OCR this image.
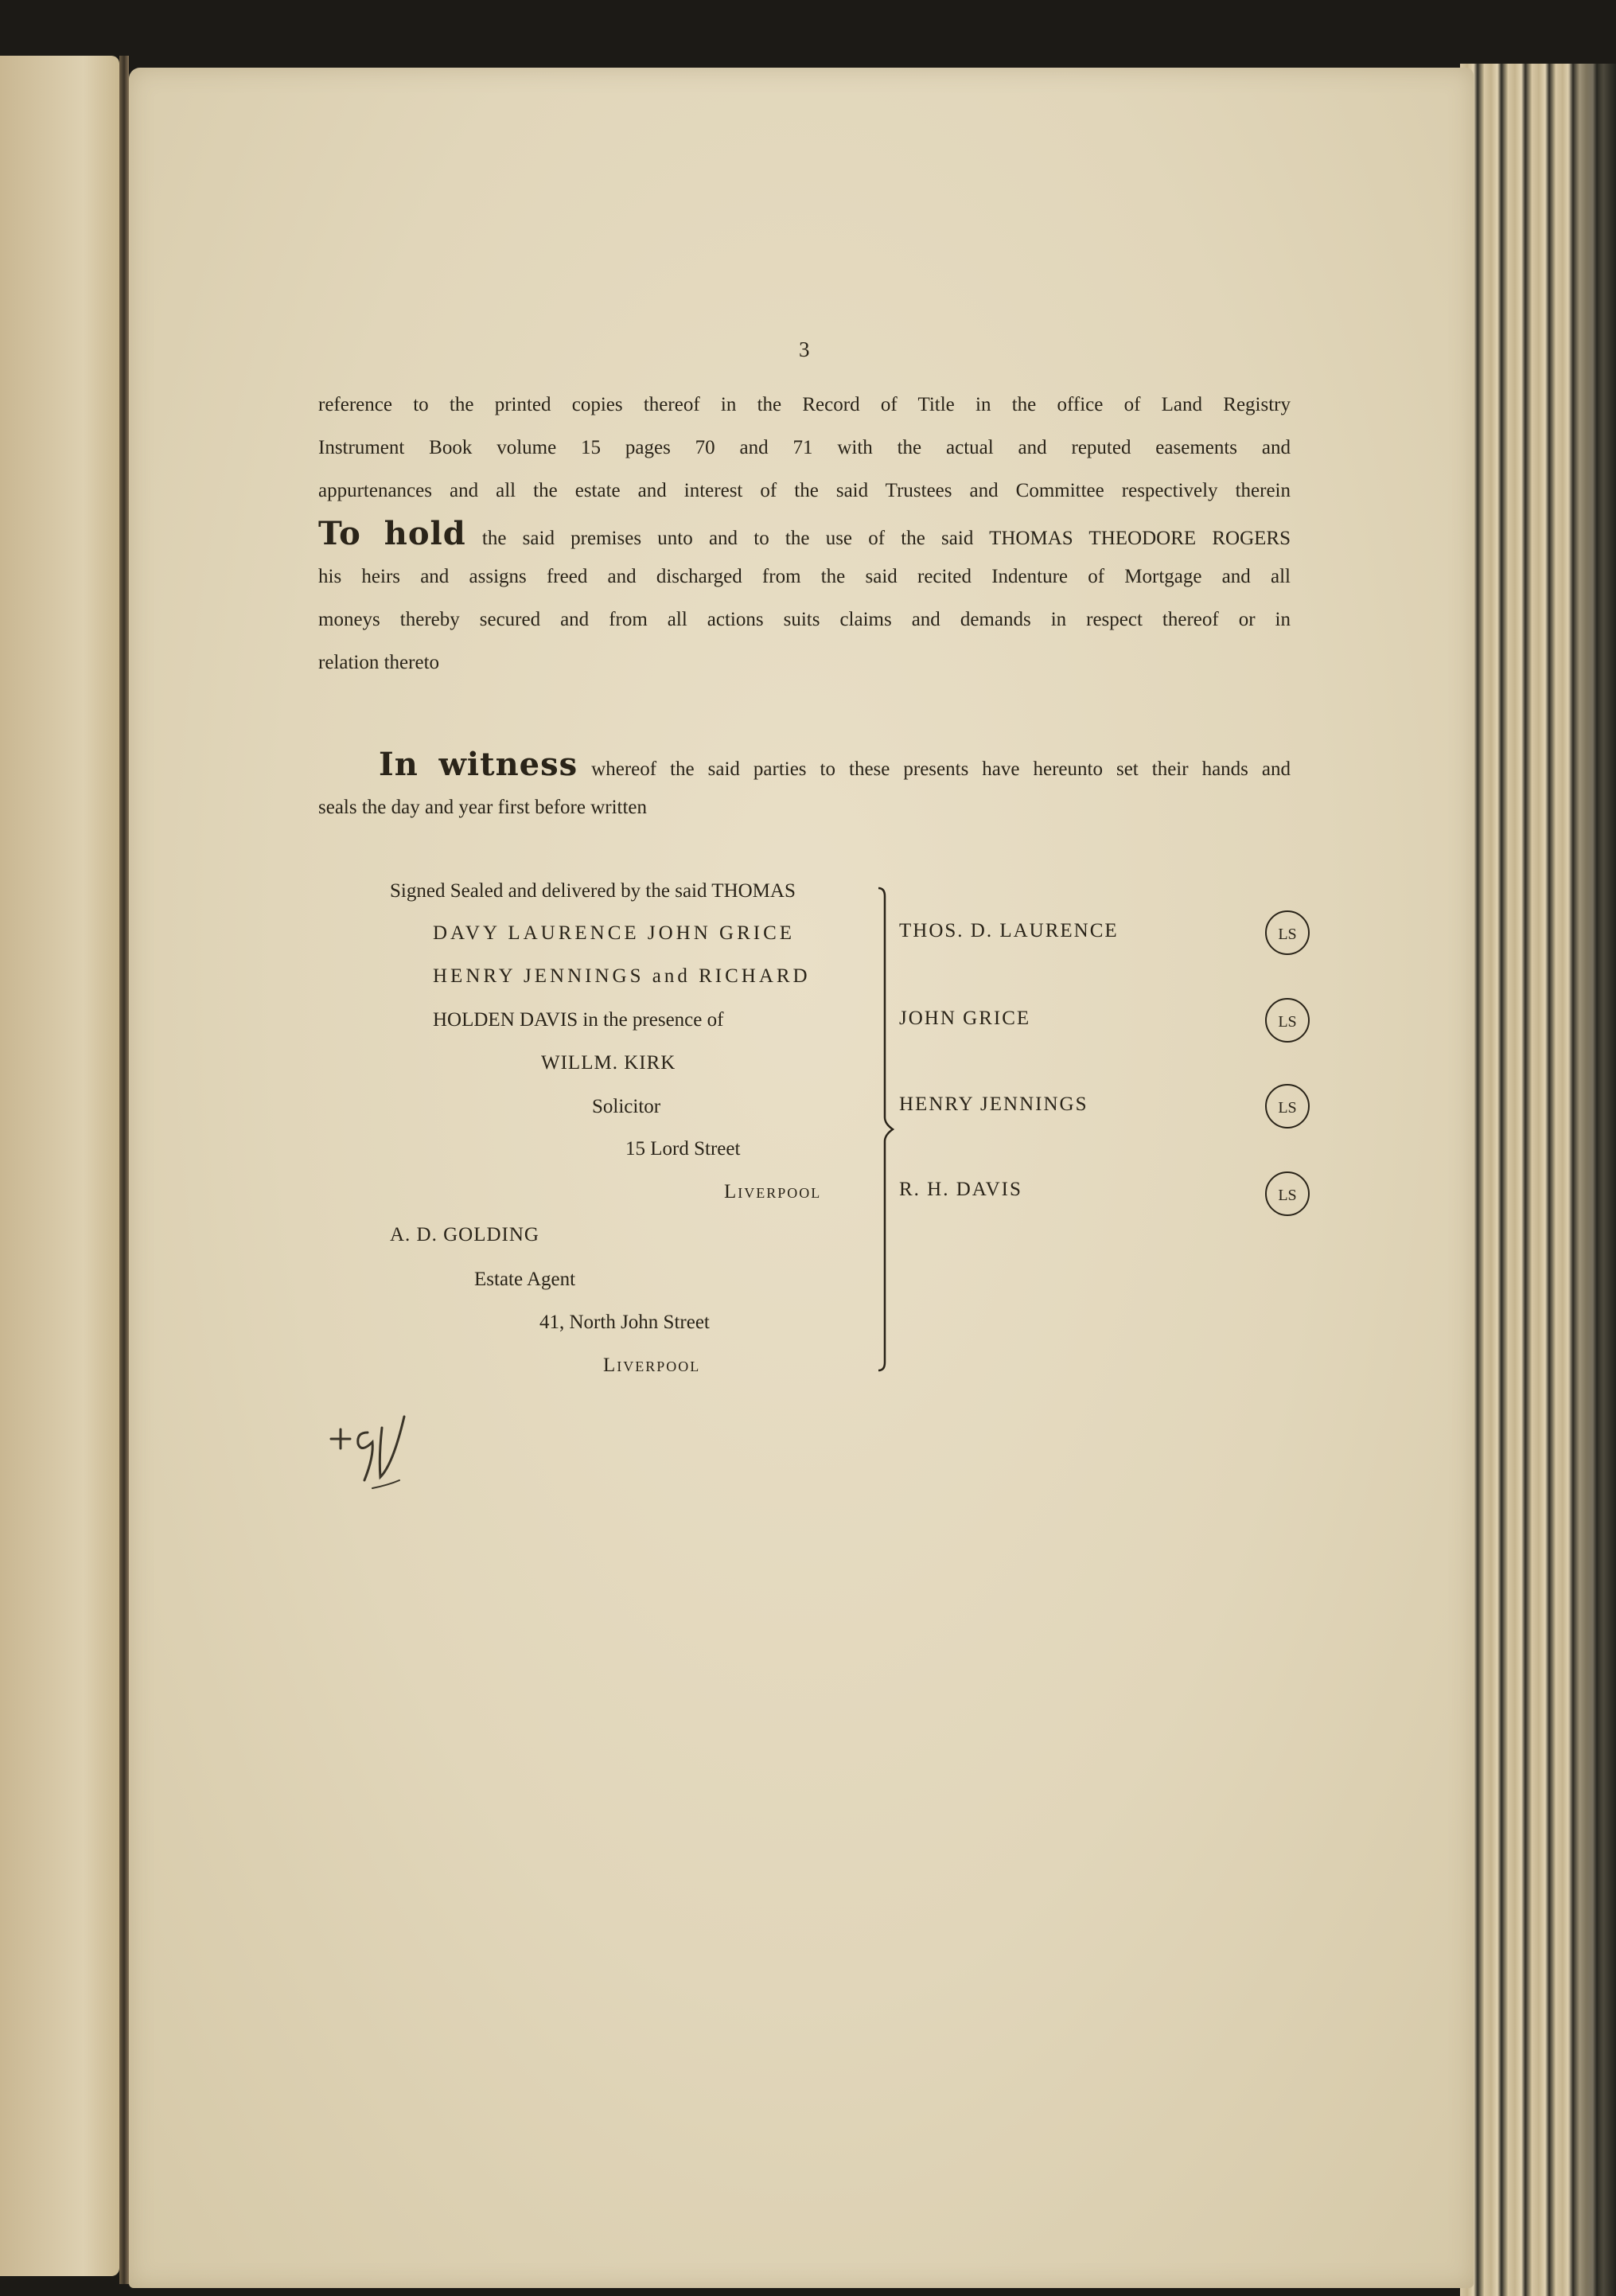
3
reference to the printed copies thereof in the Record of Title in the office of Land Registry
Instrument Book volume 15 pages 70 and 71 with the actual and reputed easements and
appurtenances and all the estate and interest of the said Trustees and Committee respectively therein
To hold the said premises unto and to the use of the said THOMAS THEODORE ROGERS
his heirs and assigns freed and discharged from the said recited Indenture of Mortgage and all
moneys thereby secured and from all actions suits claims and demands in respect thereof or in
relation thereto
In witness whereof the said parties to these presents have hereunto set their hands and
seals the day and year first before written
Signed Sealed and delivered by the said THOMAS
DAVY LAURENCE JOHN GRICE
HENRY JENNINGS and RICHARD
HOLDEN DAVIS in the presence of
WILLM. KIRK
Solicitor
15 Lord Street
Liverpool
A. D. GOLDING
Estate Agent
41, North John Street
Liverpool
THOS. D. LAURENCE	LS
JOHN GRICE	LS
HENRY JENNINGS	LS
R. H. DAVIS	LS
